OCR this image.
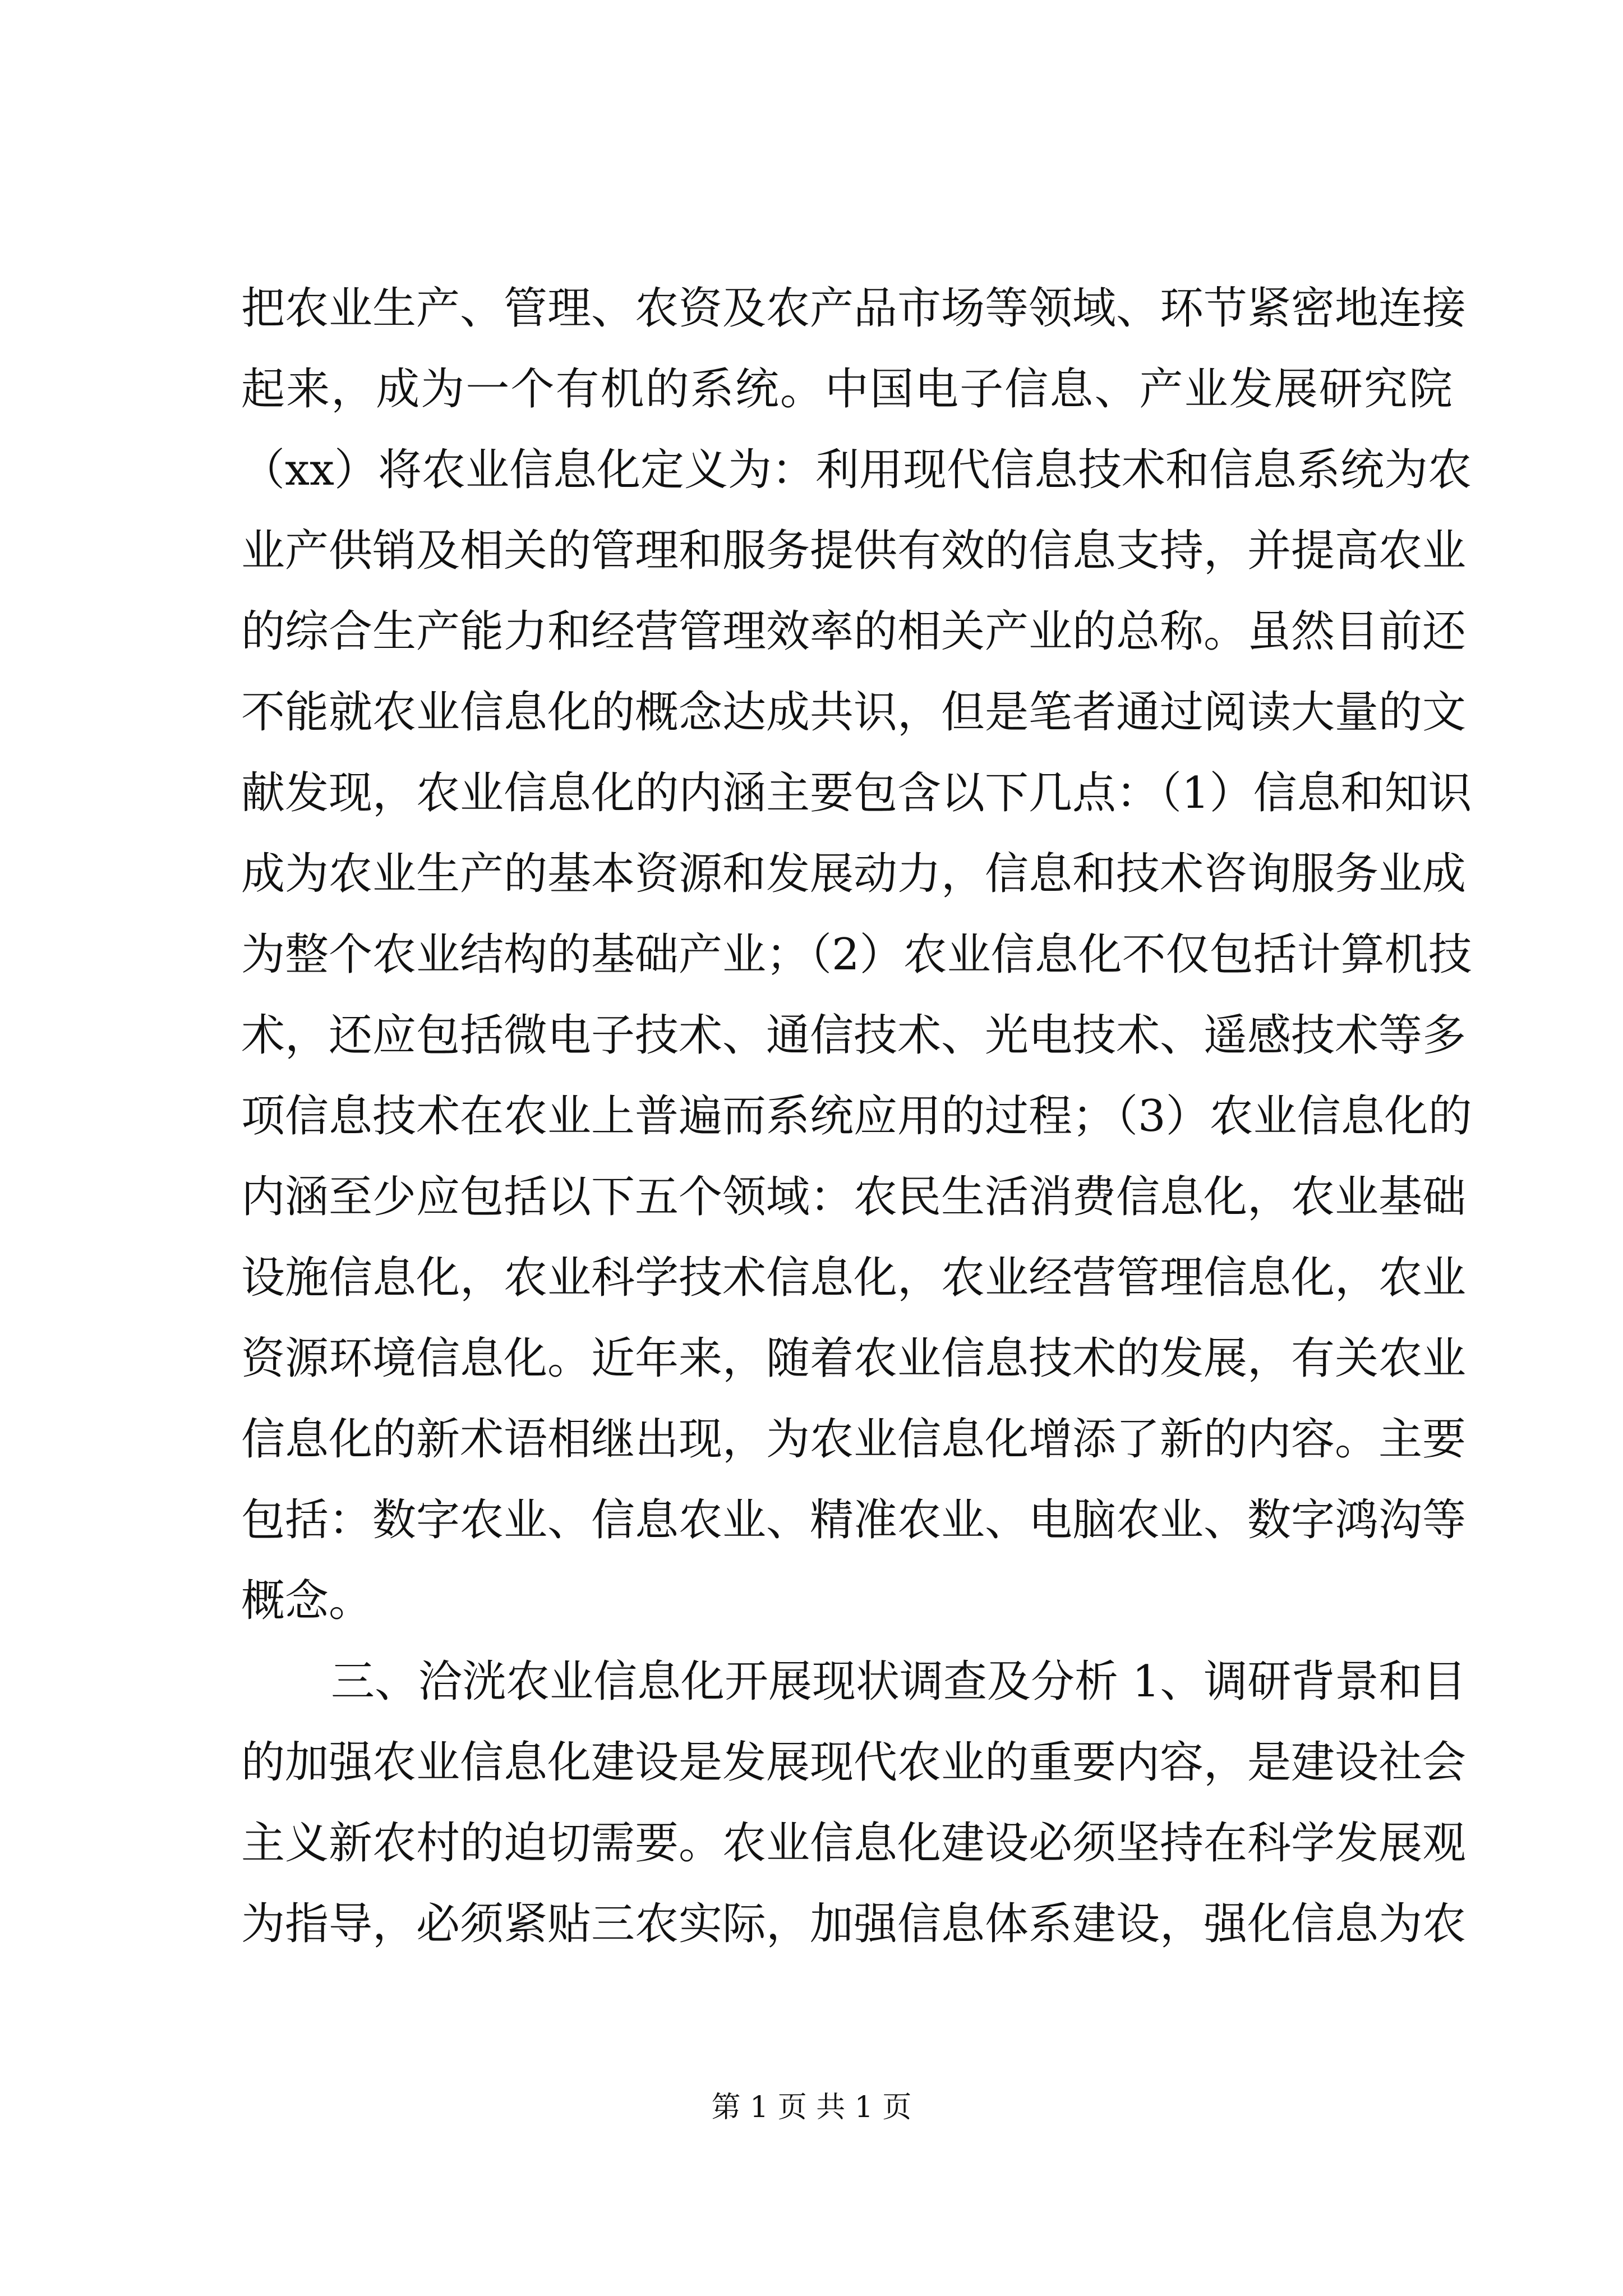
把农业生产、管理、农资及农产品市场等领域、环节紧密地连接
起来，成为一个有机的系统。中国电子信息、产业发展研究院
（xx）将农业信息化定义为：利用现代信息技术和信息系统为农
业产供销及相关的管理和服务提供有效的信息支持，并提高农业
的综合生产能力和经营管理效率的相关产业的总称。虽然目前还
不能就农业信息化的概念达成共识，但是笔者通过阅读大量的文
献发现，农业信息化的内涵主要包含以下几点：（1）信息和知识
成为农业生产的基本资源和发展动力，信息和技术咨询服务业成
为整个农业结构的基础产业；（2）农业信息化不仅包括计算机技
术，还应包括微电子技术、通信技术、光电技术、遥感技术等多
项信息技术在农业上普遍而系统应用的过程；（3）农业信息化的
内涵至少应包括以下五个领域：农民生活消费信息化，农业基础
设施信息化，农业科学技术信息化，农业经营管理信息化，农业
资源环境信息化。近年来，随着农业信息技术的发展，有关农业
信息化的新术语相继出现，为农业信息化增添了新的内容。主要
包括：数字农业、信息农业、精准农业、电脑农业、数字鸿沟等
概念。
三、洽洸农业信息化开展现状调查及分析 1、调研背景和目
的加强农业信息化建设是发展现代农业的重要内容，是建设社会
主义新农村的迫切需要。农业信息化建设必须坚持在科学发展观
为指导，必须紧贴三农实际，加强信息体系建设，强化信息为农
第 1 页 共 1 页
